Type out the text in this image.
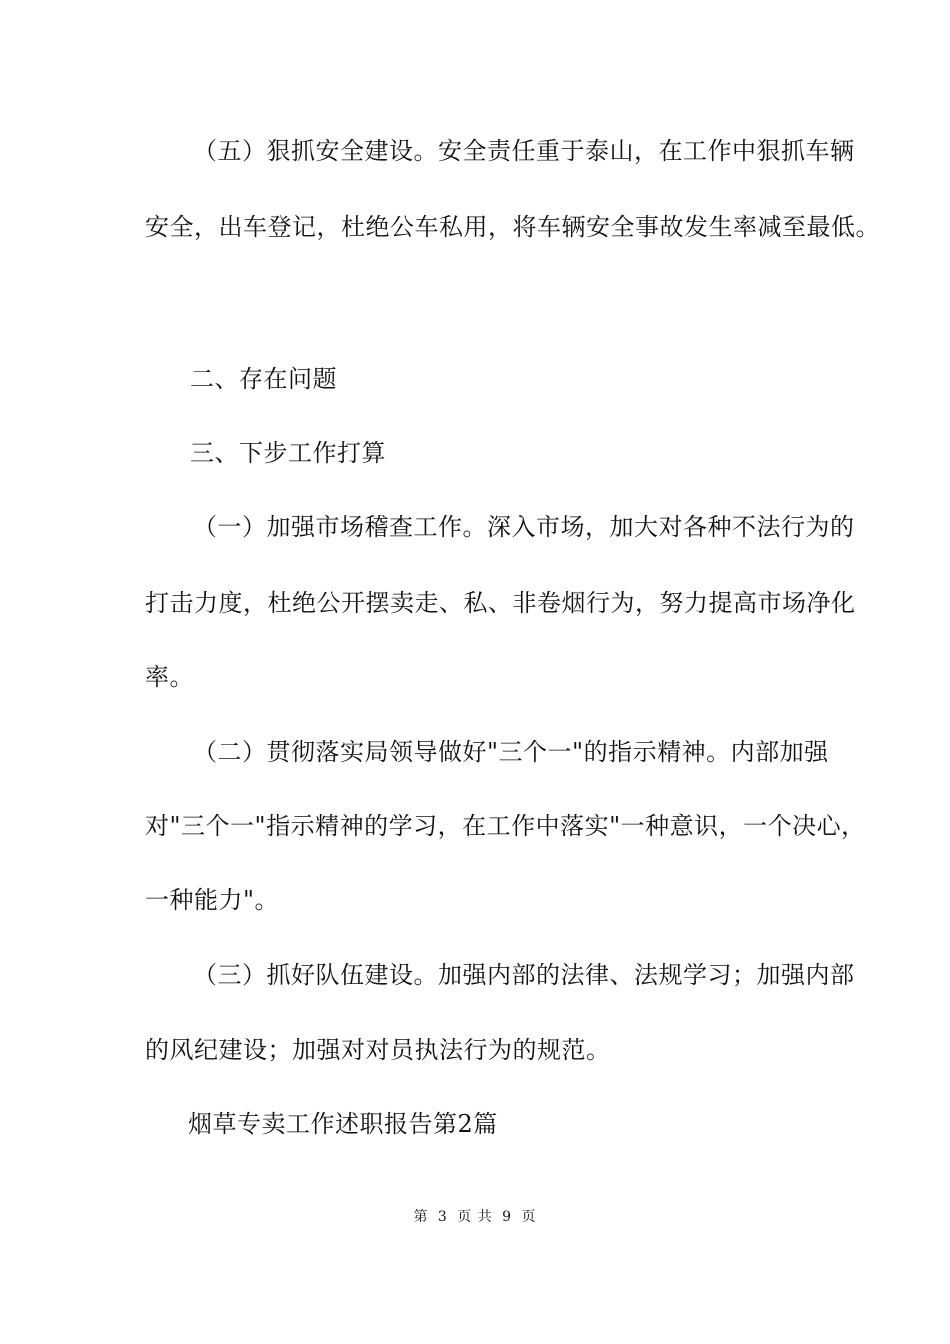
（五）狠抓安全建设。安全责任重于泰山，在工作中狠抓车辆
安全，出车登记，杜绝公车私用，将车辆安全事故发生率减至最低。
二、存在问题
三、下步工作打算
（一）加强市场稽查工作。深入市场，加大对各种不法行为的
打击力度，杜绝公开摆卖走、私、非卷烟行为，努力提高市场净化
率。
（二）贯彻落实局领导做好"三个一"的指示精神。内部加强
对"三个一"指示精神的学习，在工作中落实"一种意识，一个决心，
一种能力"。
（三）抓好队伍建设。加强内部的法律、法规学习；加强内部
的风纪建设；加强对对员执法行为的规范。
烟草专卖工作述职报告第2篇
第 3 页 共 9 页
